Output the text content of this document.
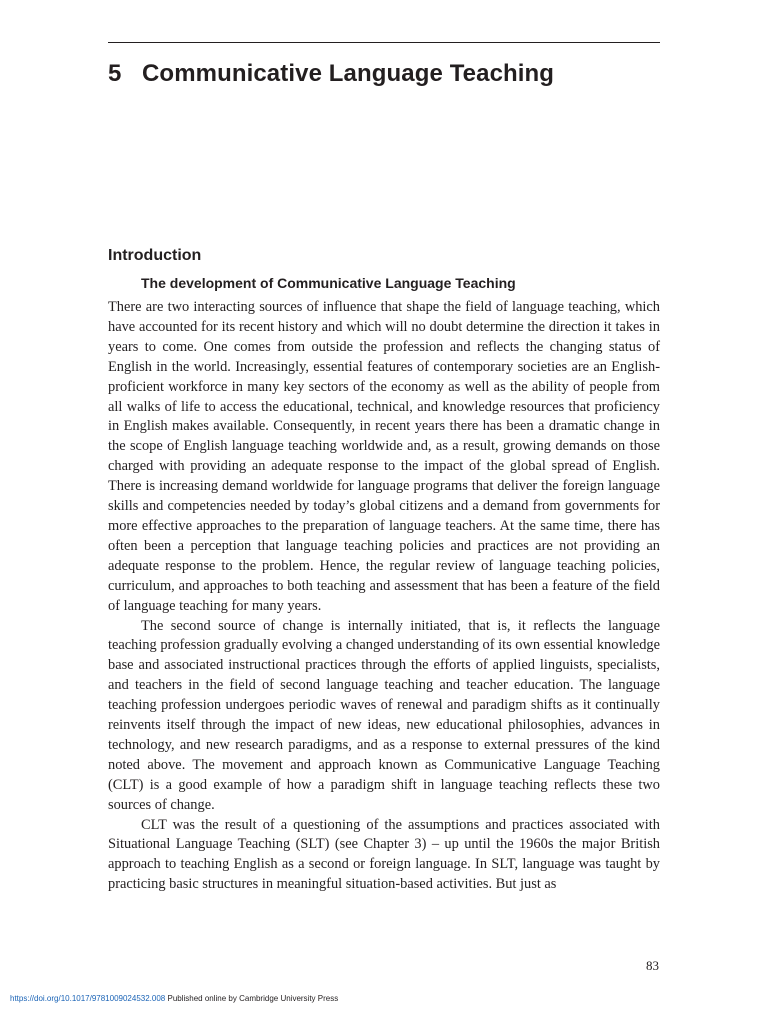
5 Communicative Language Teaching
Introduction
The development of Communicative Language Teaching

There are two interacting sources of influence that shape the field of language teaching, which have accounted for its recent history and which will no doubt determine the direction it takes in years to come. One comes from outside the profession and reflects the changing status of English in the world. Increasingly, essential features of contemporary societies are an English-proficient workforce in many key sectors of the economy as well as the ability of people from all walks of life to access the educational, technical, and knowledge resources that proficiency in English makes available. Consequently, in recent years there has been a dramatic change in the scope of English language teaching worldwide and, as a result, growing demands on those charged with providing an adequate response to the impact of the global spread of English. There is increasing demand worldwide for language programs that deliver the foreign language skills and competencies needed by today’s global citizens and a demand from governments for more effective approaches to the preparation of language teachers. At the same time, there has often been a perception that language teaching policies and practices are not providing an adequate response to the problem. Hence, the regular review of language teaching policies, curriculum, and approaches to both teaching and assessment that has been a feature of the field of language teaching for many years.

The second source of change is internally initiated, that is, it reflects the language teaching profession gradually evolving a changed understanding of its own essential knowledge base and associated instructional practices through the efforts of applied linguists, specialists, and teachers in the field of second language teaching and teacher education. The language teaching profession undergoes periodic waves of renewal and paradigm shifts as it continually reinvents itself through the impact of new ideas, new educational philosophies, advances in technology, and new research paradigms, and as a response to external pressures of the kind noted above. The movement and approach known as Communicative Language Teaching (CLT) is a good example of how a paradigm shift in language teaching reflects these two sources of change.

CLT was the result of a questioning of the assumptions and practices associated with Situational Language Teaching (SLT) (see Chapter 3) – up until the 1960s the major British approach to teaching English as a second or foreign language. In SLT, language was taught by practicing basic structures in meaningful situation-based activities. But just as

83
https://doi.org/10.1017/9781009024532.008 Published online by Cambridge University Press
